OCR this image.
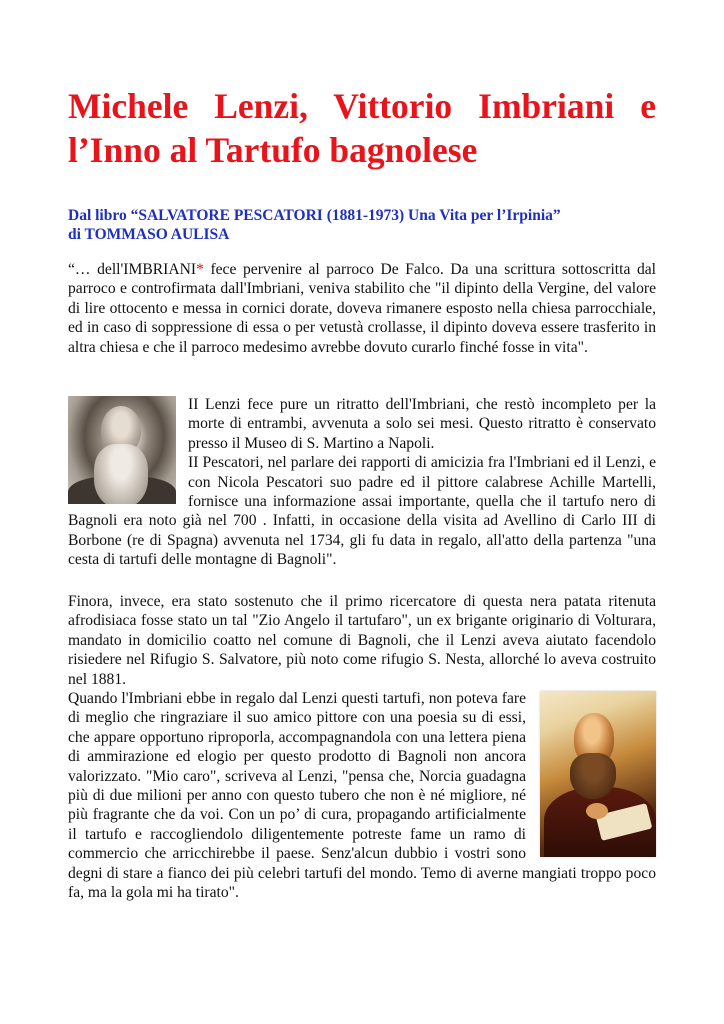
Michele Lenzi, Vittorio Imbriani e l’Inno al Tartufo bagnolese
Dal libro “SALVATORE PESCATORI (1881-1973) Una Vita per l’Irpinia”
di TOMMASO AULISA

“… dell'IMBRIANI* fece pervenire al parroco De Falco. Da una scrittura sottoscritta dal parroco e controfirmata dall'Imbriani, veniva stabilito che "il dipinto della Vergine, del valore di lire ottocento e messa in cornici dorate, doveva rimanere esposto nella chiesa parrocchiale, ed in caso di soppressione di essa o per vetustà crollasse, il dipinto doveva essere trasferito in altra chiesa e che il parroco medesimo avrebbe dovuto curarlo finché fosse in vita".

II Lenzi fece pure un ritratto dell'Imbriani, che restò incompleto per la morte di entrambi, avvenuta a solo sei mesi. Questo ritratto è conservato presso il Museo di S. Martino a Napoli.

II Pescatori, nel parlare dei rapporti di amicizia fra l'Imbriani ed il Lenzi, e con Nicola Pescatori suo padre ed il pittore calabrese Achille Martelli, fornisce una informazione assai importante, quella che il tartufo nero di Bagnoli era noto già nel 700 . Infatti, in occasione della visita ad Avellino di Carlo III di Borbone (re di Spagna) avvenuta nel 1734, gli fu data in regalo, all'atto della partenza "una cesta di tartufi delle montagne di Bagnoli".

Finora, invece, era stato sostenuto che il primo ricercatore di questa nera patata ritenuta afrodisiaca fosse stato un tal "Zio Angelo il tartufaro", un ex brigante originario di Volturara, mandato in domicilio coatto nel comune di Bagnoli, che il Lenzi aveva aiutato facendolo risiedere nel Rifugio S. Salvatore, più noto come rifugio S. Nesta, allorché lo aveva costruito nel 1881.

Quando l'Imbriani ebbe in regalo dal Lenzi questi tartufi, non poteva fare di meglio che ringraziare il suo amico pittore con una poesia su di essi, che appare opportuno riproporla, accompagnandola con una lettera piena di ammirazione ed elogio per questo prodotto di Bagnoli non ancora valorizzato. "Mio caro", scriveva al Lenzi, "pensa che, Norcia guadagna più di due milioni per anno con questo tubero che non è né migliore, né più fragrante che da voi. Con un po’ di cura, propagando artificialmente il tartufo e raccogliendolo diligentemente potreste fame un ramo di commercio che arricchirebbe il paese. Senz'alcun dubbio i vostri sono degni di stare a fianco dei più celebri tartufi del mondo. Temo di averne mangiati troppo poco fa, ma la gola mi ha tirato".
